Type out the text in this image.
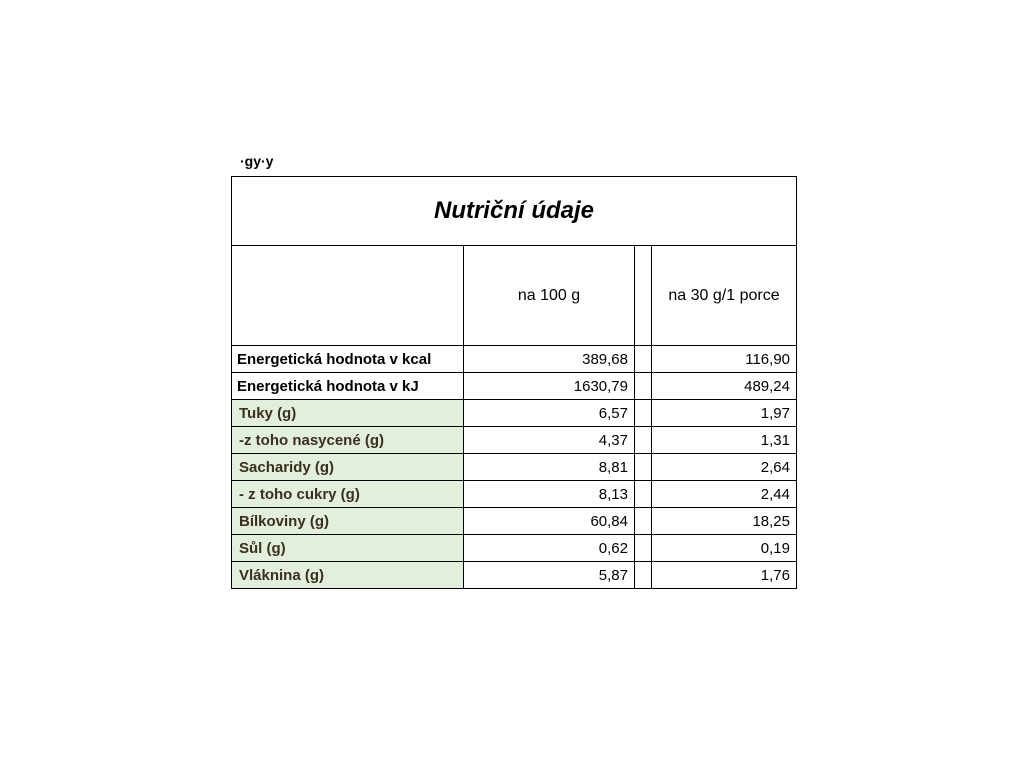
·gy·y
Nutriční údaje			
	na 100 g		na 30 g/1 porce
Energetická hodnota v kcal	389,68		116,90
Energetická hodnota v kJ	1630,79		489,24
Tuky (g)	6,57		1,97
-z toho nasycené (g)	4,37		1,31
Sacharidy (g)	8,81		2,64
- z toho cukry (g)	8,13		2,44
Bílkoviny (g)	60,84		18,25
Sůl (g)	0,62		0,19
Vláknina (g)	5,87		1,76
